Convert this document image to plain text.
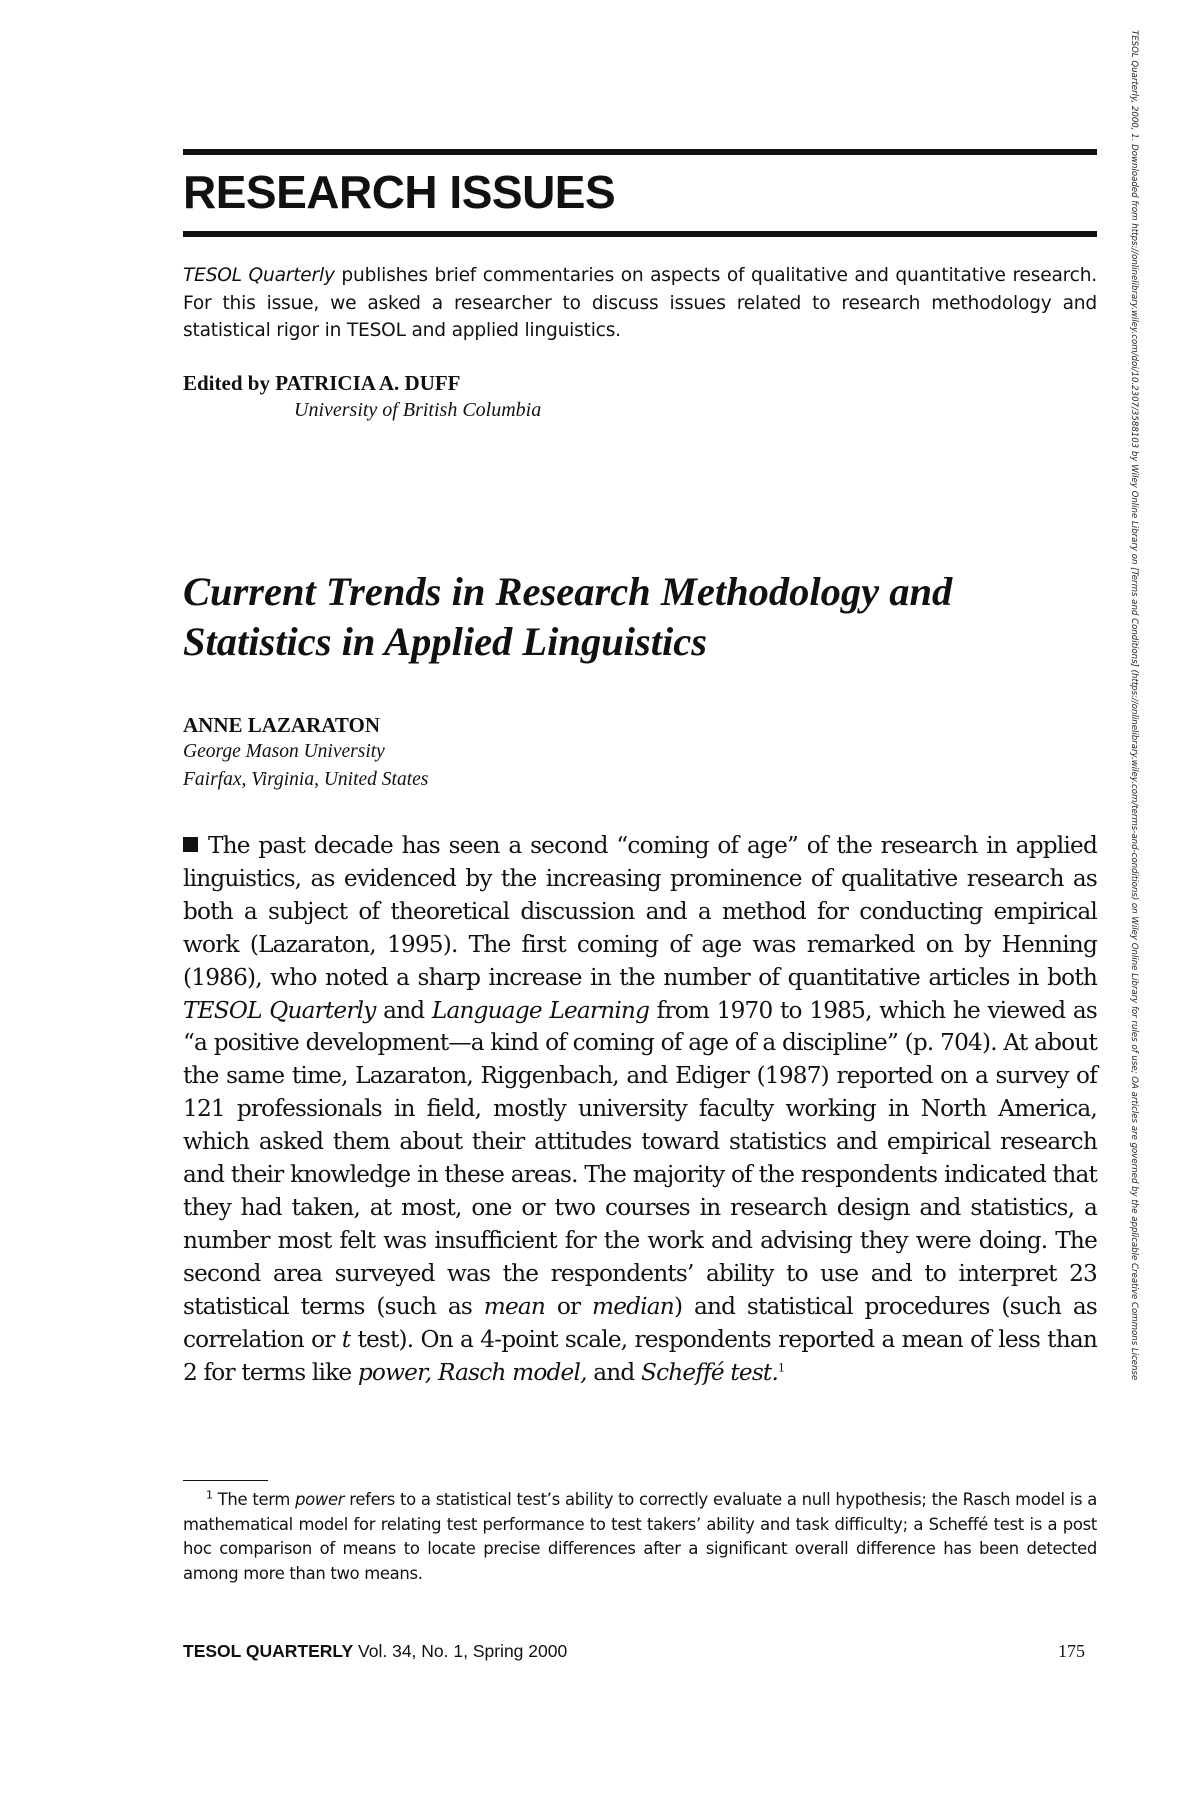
RESEARCH ISSUES

TESOL Quarterly publishes brief commentaries on aspects of qualitative and quantitative research. For this issue, we asked a researcher to discuss issues related to research methodology and statistical rigor in TESOL and applied linguistics.

Edited by PATRICIA A. DUFF
University of British Columbia
Current Trends in Research Methodology and
Statistics in Applied Linguistics
ANNE LAZARATON
George Mason University
Fairfax, Virginia, United States

The past decade has seen a second “coming of age” of the research in applied linguistics, as evidenced by the increasing prominence of qualitative research as both a subject of theoretical discussion and a method for conducting empirical work (Lazaraton, 1995). The first coming of age was remarked on by Henning (1986), who noted a sharp increase in the number of quantitative articles in both TESOL Quarterly and Language Learning from 1970 to 1985, which he viewed as “a positive development—a kind of coming of age of a discipline” (p. 704). At about the same time, Lazaraton, Riggenbach, and Ediger (1987) reported on a survey of 121 professionals in field, mostly university faculty working in North America, which asked them about their attitudes toward statistics and empirical research and their knowledge in these areas. The majority of the respondents indicated that they had taken, at most, one or two courses in research design and statistics, a number most felt was insufficient for the work and advising they were doing. The second area surveyed was the respondents’ ability to use and to interpret 23 statistical terms (such as mean or median) and statistical procedures (such as correlation or t test). On a 4-point scale, respondents reported a mean of less than 2 for terms like power, Rasch model, and Scheffé test.$^1$

$^1$ The term power refers to a statistical test’s ability to correctly evaluate a null hypothesis; the Rasch model is a mathematical model for relating test performance to test takers’ ability and task difficulty; a Scheffé test is a post hoc comparison of means to locate precise differences after a significant overall difference has been detected among more than two means.

TESOL QUARTERLY Vol. 34, No. 1, Spring 2000	175
TESOL Quarterly, 2000, 1. Downloaded from https://onlinelibrary.wiley.com/doi/10.2307/3588103 by Wiley Online Library on [Terms and Conditions] (https://onlinelibrary.wiley.com/terms-and-conditions) on Wiley Online Library for rules of use; OA articles are governed by the applicable Creative Commons License
